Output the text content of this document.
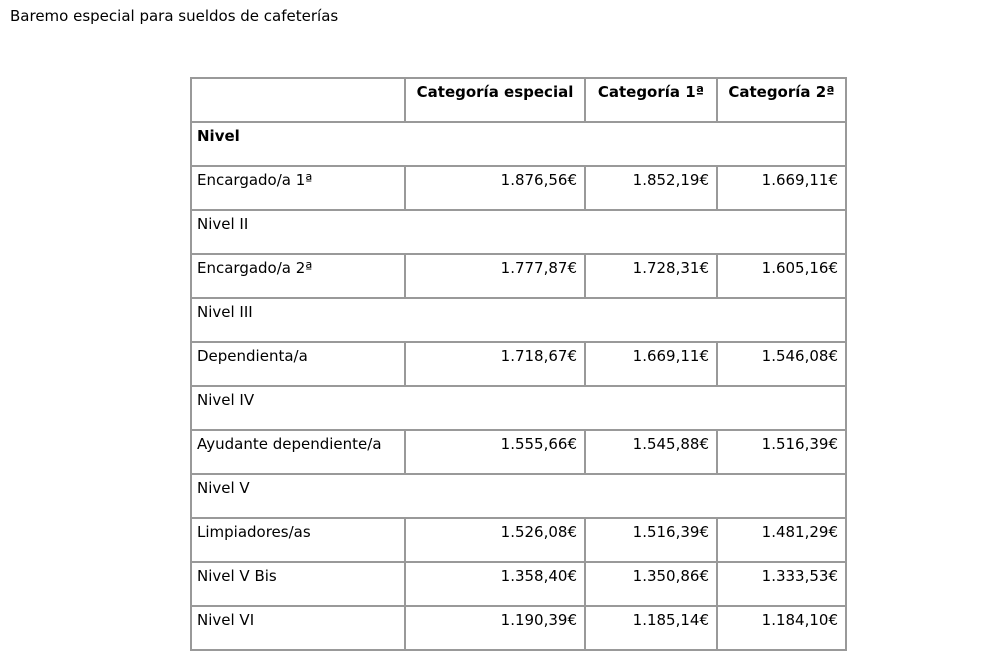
Baremo especial para sueldos de cafeterías
	Categoría especial	Categoría 1ª	Categoría 2ª
Nivel			
Encargado/a 1ª	1.876,56€	1.852,19€	1.669,11€
Nivel II			
Encargado/a 2ª	1.777,87€	1.728,31€	1.605,16€
Nivel III			
Dependienta/a	1.718,67€	1.669,11€	1.546,08€
Nivel IV			
Ayudante dependiente/a	1.555,66€	1.545,88€	1.516,39€
Nivel V			
Limpiadores/as	1.526,08€	1.516,39€	1.481,29€
Nivel V Bis	1.358,40€	1.350,86€	1.333,53€
Nivel VI	1.190,39€	1.185,14€	1.184,10€
